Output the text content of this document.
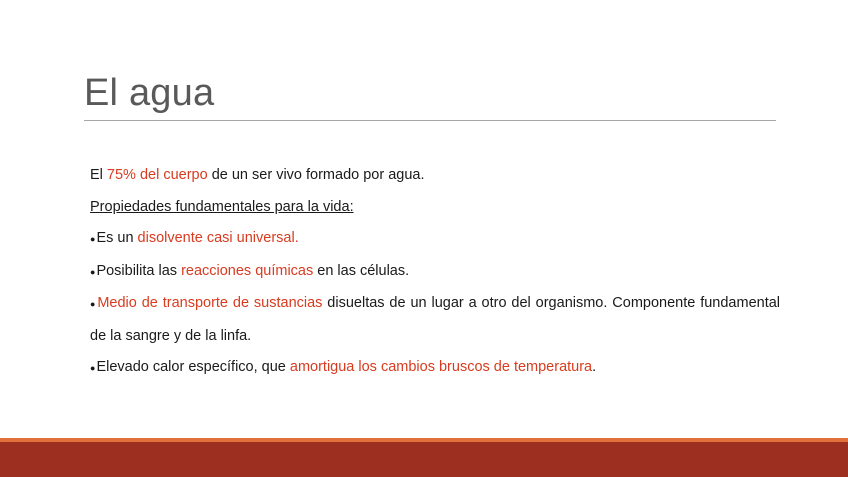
El agua

El 75% del cuerpo de un ser vivo formado por agua.

Propiedades fundamentales para la vida:

●Es un disolvente casi universal.

●Posibilita las reacciones químicas en las células.

●Medio de transporte de sustancias disueltas de un lugar a otro del organismo. Componente fundamental de la sangre y de la linfa.

●Elevado calor específico, que amortigua los cambios bruscos de temperatura.
